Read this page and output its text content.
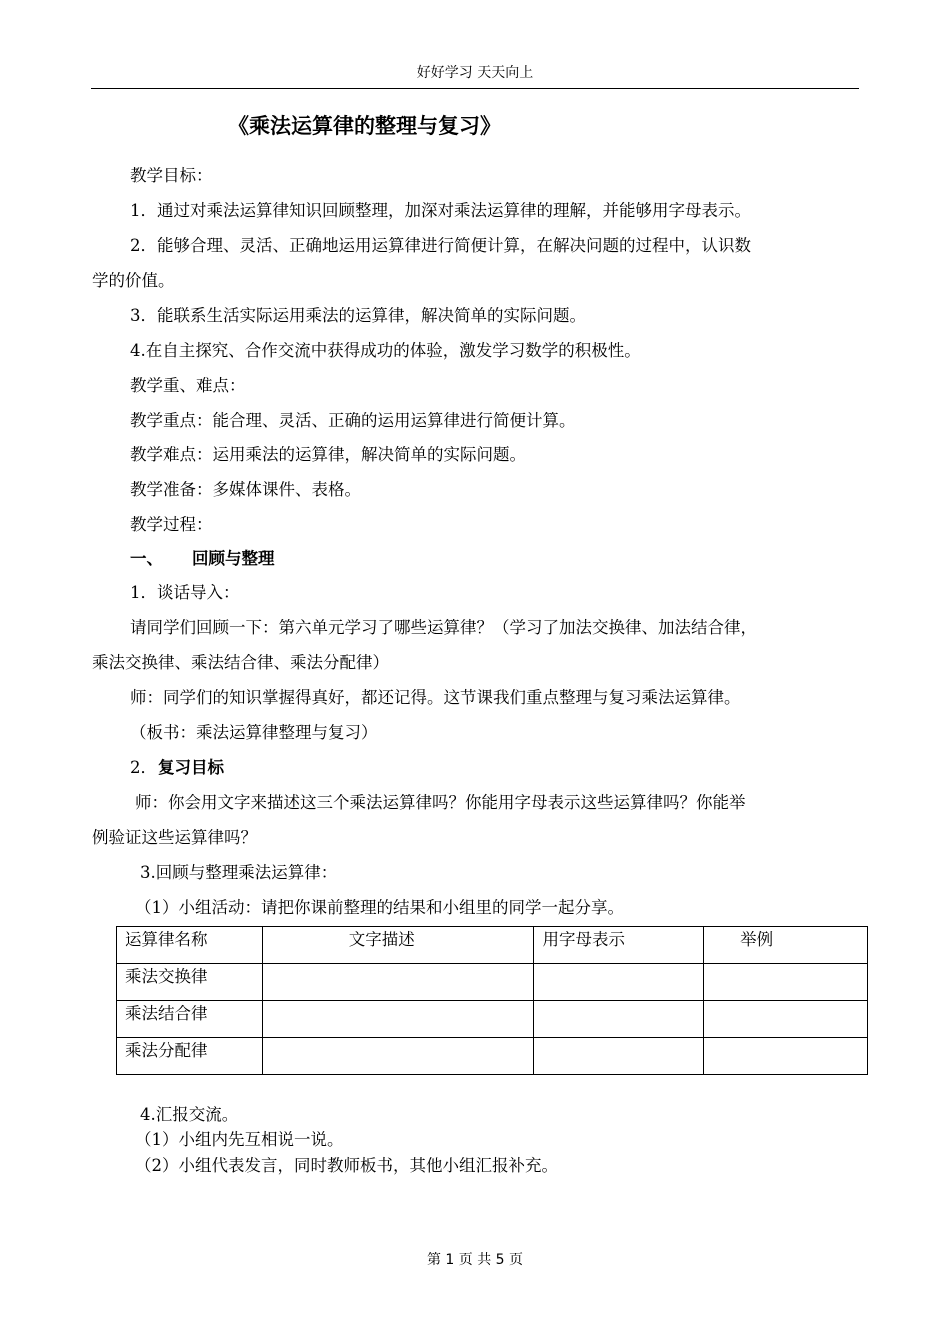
好好学习 天天向上
《乘法运算律的整理与复习》
教学目标：
1．通过对乘法运算律知识回顾整理，加深对乘法运算律的理解，并能够用字母表示。
2．能够合理、灵活、正确地运用运算律进行简便计算，在解决问题的过程中，认识数
学的价值。
3．能联系生活实际运用乘法的运算律，解决简单的实际问题。
4.在自主探究、合作交流中获得成功的体验，激发学习数学的积极性。
教学重、难点：
教学重点：能合理、灵活、正确的运用运算律进行简便计算。
教学难点：运用乘法的运算律，解决简单的实际问题。
教学准备：多媒体课件、表格。
教学过程：
一、 回顾与整理
1．谈话导入：
请同学们回顾一下：第六单元学习了哪些运算律？（学习了加法交换律、加法结合律，
乘法交换律、乘法结合律、乘法分配律）
师：同学们的知识掌握得真好，都还记得。这节课我们重点整理与复习乘法运算律。
（板书：乘法运算律整理与复习）
2． 复习目标
师：你会用文字来描述这三个乘法运算律吗？你能用字母表示这些运算律吗？你能举
例验证这些运算律吗？
3.回顾与整理乘法运算律：
（1）小组活动：请把你课前整理的结果和小组里的同学一起分享。
运算律名称	文字描述	用字母表示	举例
乘法交换律			
乘法结合律			
乘法分配律			
4.汇报交流。
（1）小组内先互相说一说。
（2）小组代表发言，同时教师板书，其他小组汇报补充。
第 1 页 共 5 页
